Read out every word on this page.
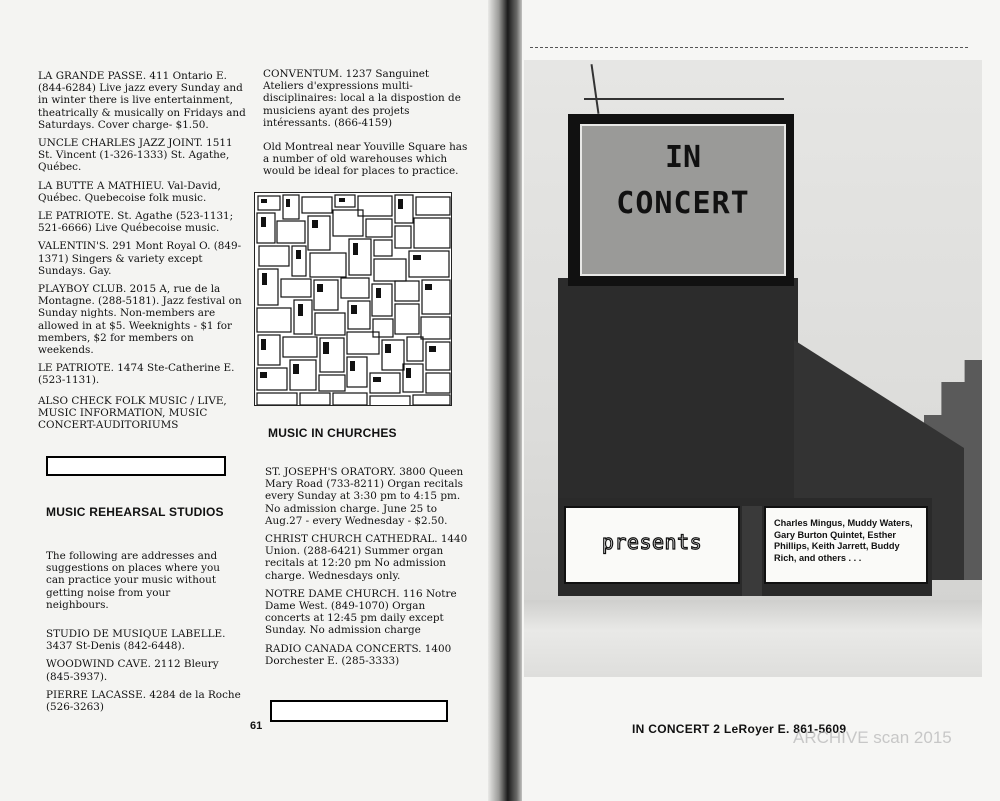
LA GRANDE PASSE. 411 Ontario E. (844-6284) Live jazz every Sunday and in winter there is live entertainment, theatrically & musically on Fridays and Saturdays. Cover charge- $1.50.
UNCLE CHARLES JAZZ JOINT. 1511 St. Vincent (1-326-1333) St. Agathe, Québec.
LA BUTTE A MATHIEU. Val-David, Québec. Quebecoise folk music.
LE PATRIOTE. St. Agathe (523-1131; 521-6666) Live Québecoise music.
VALENTIN'S. 291 Mont Royal O. (849-1371) Singers & variety except Sundays. Gay.
PLAYBOY CLUB. 2015 A, rue de la Montagne. (288-5181). Jazz festival on Sunday nights. Non-members are allowed in at $5. Weeknights - $1 for members, $2 for members on weekends.
LE PATRIOTE. 1474 Ste-Catherine E. (523-1131).
ALSO CHECK FOLK MUSIC / LIVE, MUSIC INFORMATION, MUSIC CONCERT-AUDITORIUMS
MUSIC REHEARSAL STUDIOS
The following are addresses and suggestions on places where you can practice your music without getting noise from your neighbours.
STUDIO DE MUSIQUE LABELLE. 3437 St-Denis (842-6448).
WOODWIND CAVE. 2112 Bleury (845-3937).
PIERRE LACASSE. 4284 de la Roche (526-3263)
CONVENTUM. 1237 Sanguinet Ateliers d'expressions multi-disciplinaires: local a la dispostion de musiciens ayant des projets intéressants. (866-4159)
Old Montreal near Youville Square has a number of old warehouses which would be ideal for places to practice.
MUSIC IN CHURCHES
ST. JOSEPH'S ORATORY. 3800 Queen Mary Road (733-8211) Organ recitals every Sunday at 3:30 pm to 4:15 pm. No admission charge. June 25 to Aug.27 - every Wednesday - $2.50.
CHRIST CHURCH CATHEDRAL. 1440 Union. (288-6421) Summer organ recitals at 12:20 pm No admission charge. Wednesdays only.
NOTRE DAME CHURCH. 116 Notre Dame West. (849-1070) Organ concerts at 12:45 pm daily except Sunday. No admission charge
RADIO CANADA CONCERTS. 1400 Dorchester E. (285-3333)
61
IN
CONCERT
presents
Charles Mingus, Muddy Waters, Gary Burton Quintet, Esther Phillips, Keith Jarrett, Buddy Rich, and others . . .
IN CONCERT 2 LeRoyer E. 861-5609
ARCHIVE scan 2015
